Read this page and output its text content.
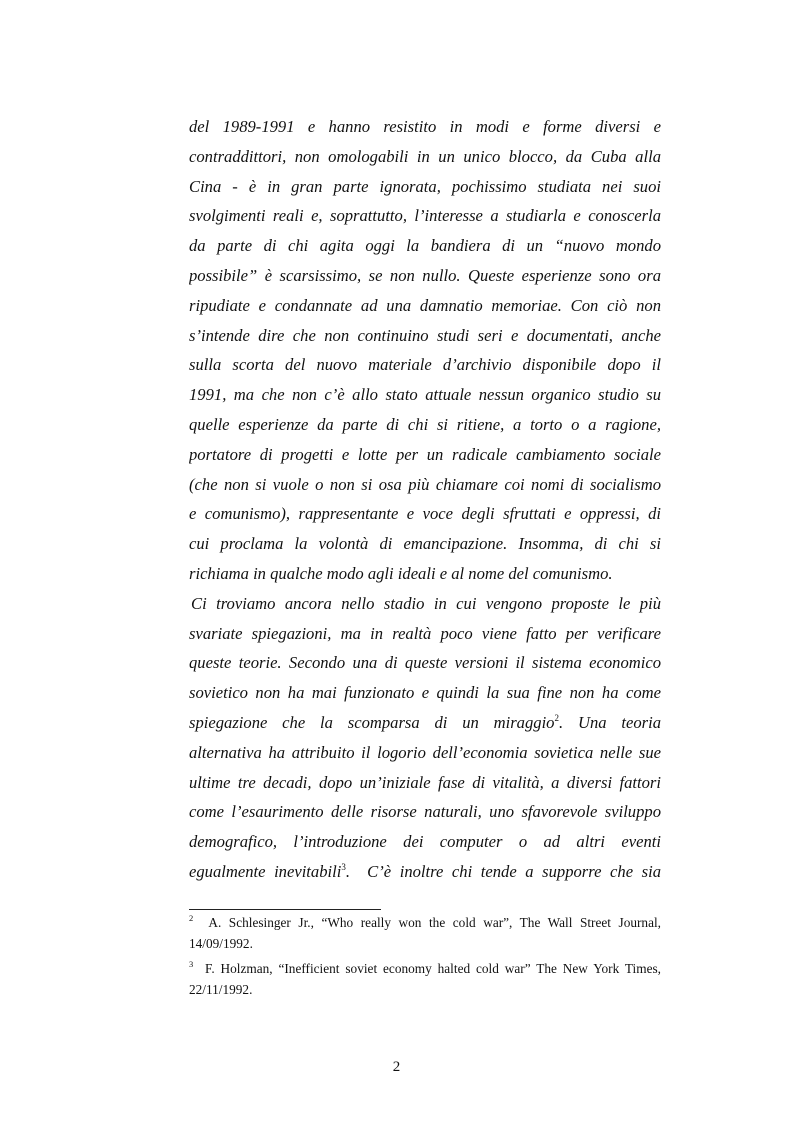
del 1989-1991 e hanno resistito in modi e forme diversi e
contraddittori, non omologabili in un unico blocco, da Cuba alla
Cina - è in gran parte ignorata, pochissimo studiata nei suoi
svolgimenti reali e, soprattutto, l’interesse a studiarla e conoscerla
da parte di chi agita oggi la bandiera di un “nuovo mondo
possibile” è scarsissimo, se non nullo. Queste esperienze sono ora
ripudiate e condannate ad una damnatio memoriae. Con ciò non
s’intende dire che non continuino studi seri e documentati, anche
sulla scorta del nuovo materiale d’archivio disponibile dopo il
1991, ma che non c’è allo stato attuale nessun organico studio su
quelle esperienze da parte di chi si ritiene, a torto o a ragione,
portatore di progetti e lotte per un radicale cambiamento sociale
(che non si vuole o non si osa più chiamare coi nomi di socialismo
e comunismo), rappresentante e voce degli sfruttati e oppressi, di
cui proclama la volontà di emancipazione. Insomma, di chi si
richiama in qualche modo agli ideali e al nome del comunismo.
Ci troviamo ancora nello stadio in cui vengono proposte le più
svariate spiegazioni, ma in realtà poco viene fatto per verificare
queste teorie. Secondo una di queste versioni il sistema economico
sovietico non ha mai funzionato e quindi la sua fine non ha come
spiegazione che la scomparsa di un miraggio$^2$. Una teoria
alternativa ha attribuito il logorio dell’economia sovietica nelle sue
ultime tre decadi, dopo un’iniziale fase di vitalità, a diversi fattori
come l’esaurimento delle risorse naturali, uno sfavorevole sviluppo
demografico, l’introduzione dei computer o ad altri eventi
egualmente inevitabili$^3$. C’è inoltre chi tende a supporre che sia
$^2$ A. Schlesinger Jr., “Who really won the cold war”, The Wall Street Journal,
14/09/1992.
$^3$ F. Holzman, “Inefficient soviet economy halted cold war” The New York Times,
22/11/1992.
2
